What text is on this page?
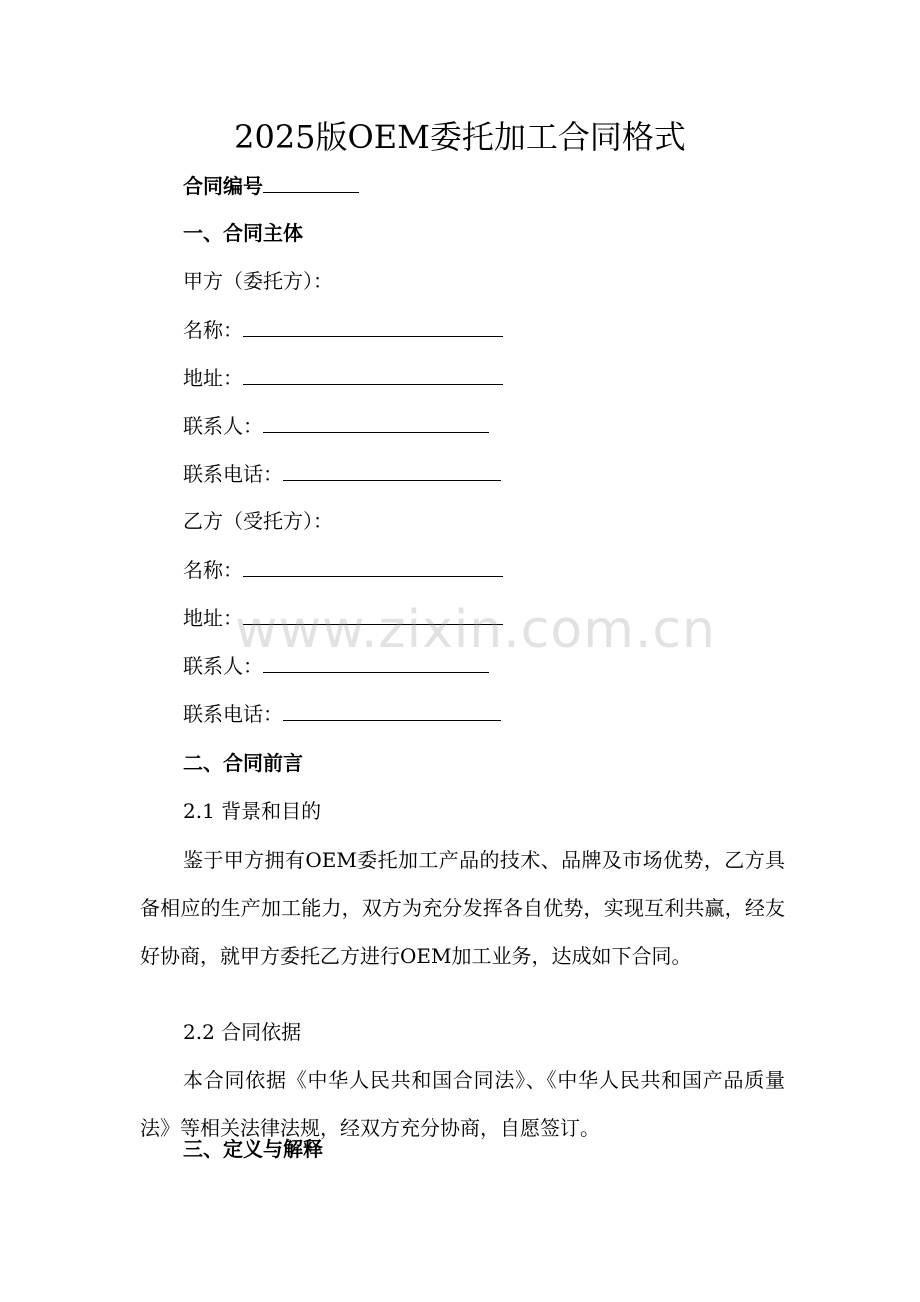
2025版OEM委托加工合同格式
合同编号
一、合同主体
甲方（委托方）：
名称：
地址：
联系人：
联系电话：
乙方（受托方）：
名称：
地址：
联系人：
联系电话：
二、合同前言
2.1 背景和目的
鉴于甲方拥有OEM委托加工产品的技术、品牌及市场优势，乙方具备相应的生产加工能力，双方为充分发挥各自优势，实现互利共赢，经友好协商，就甲方委托乙方进行OEM加工业务，达成如下合同。
2.2 合同依据
本合同依据《中华人民共和国合同法》、《中华人民共和国产品质量法》等相关法律法规，经双方充分协商，自愿签订。
三、定义与解释
www.zixin.com.cn
